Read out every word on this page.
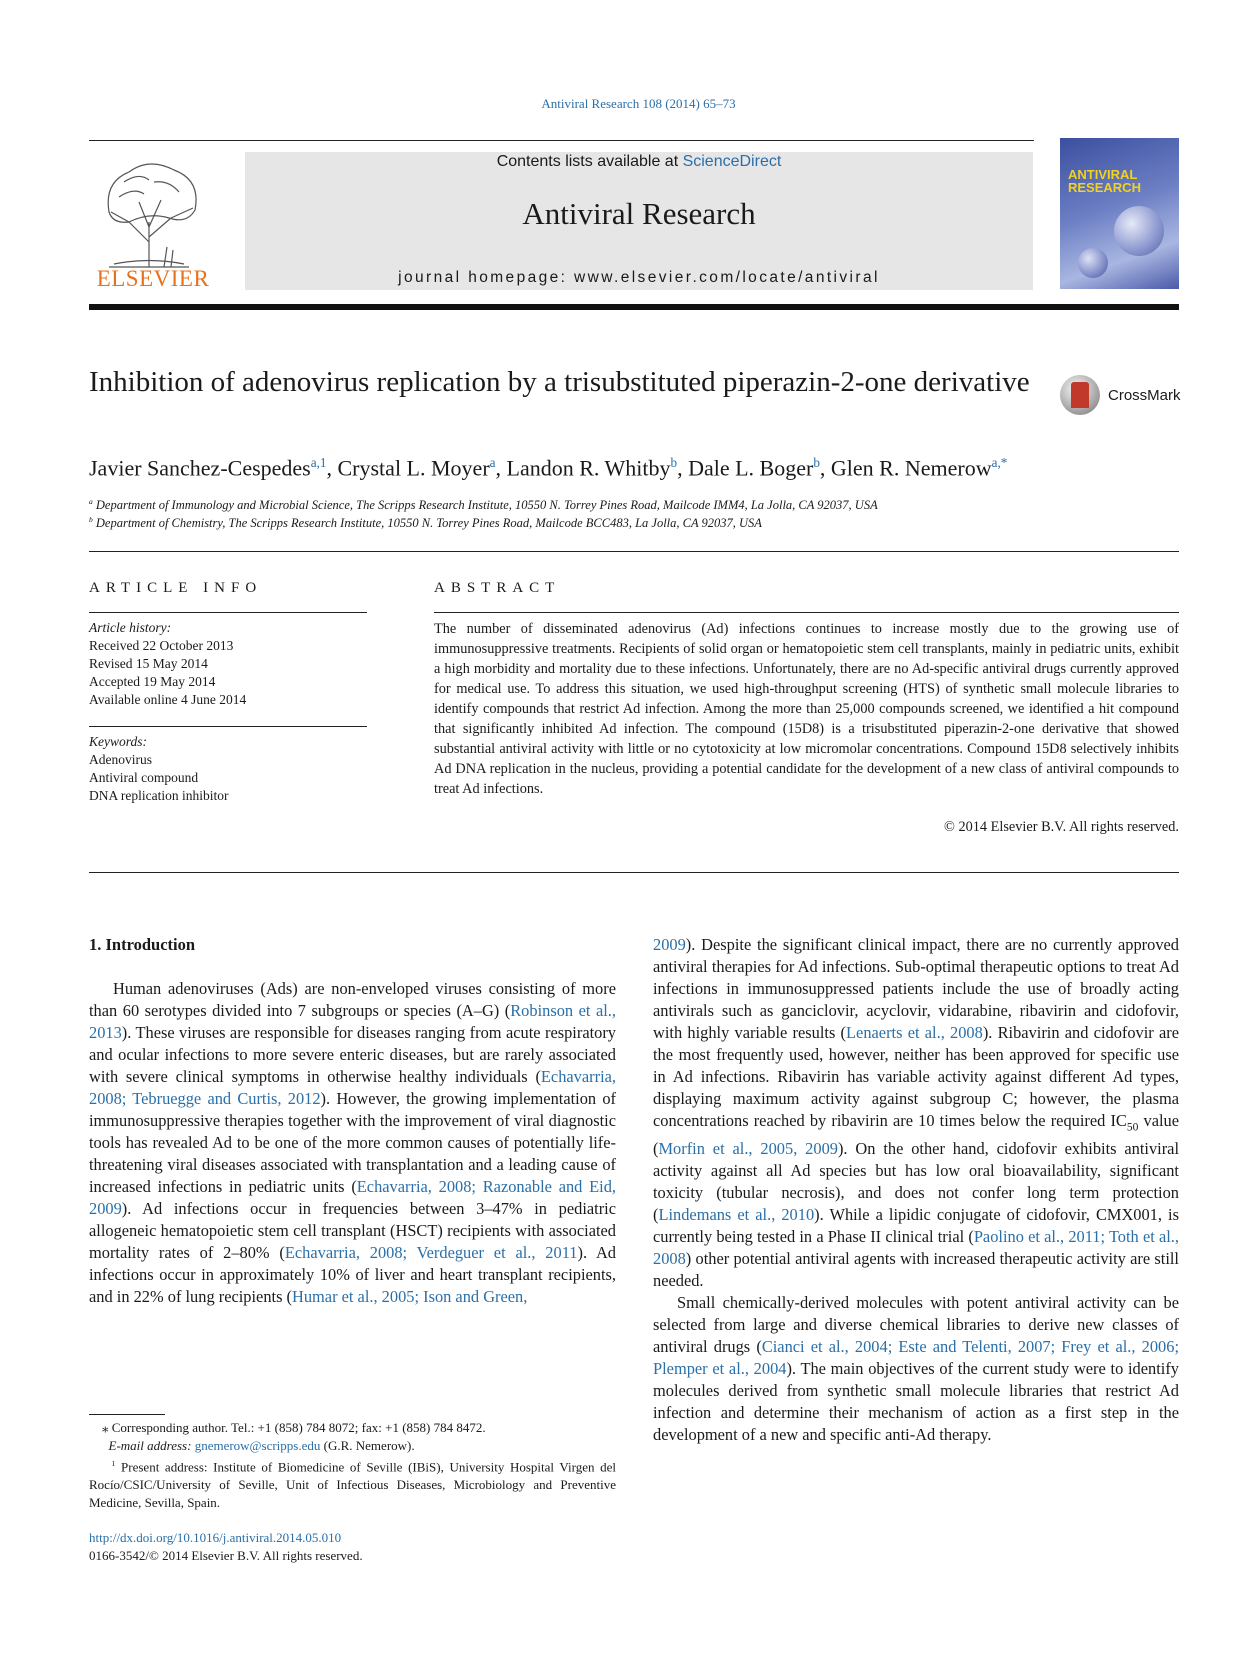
Antiviral Research 108 (2014) 65–73
ELSEVIER
Contents lists available at ScienceDirect
Antiviral Research
journal homepage: www.elsevier.com/locate/antiviral
ANTIVIRAL RESEARCH
Inhibition of adenovirus replication by a trisubstituted piperazin-2-one derivative	CrossMark
Javier Sanchez-Cespedes$^{a,1}$, Crystal L. Moyer$^a$, Landon R. Whitby$^b$, Dale L. Boger$^b$, Glen R. Nemerow$^{a,*}$
$^a$ Department of Immunology and Microbial Science, The Scripps Research Institute, 10550 N. Torrey Pines Road, Mailcode IMM4, La Jolla, CA 92037, USA
$^b$ Department of Chemistry, The Scripps Research Institute, 10550 N. Torrey Pines Road, Mailcode BCC483, La Jolla, CA 92037, USA
ARTICLE INFO	ABSTRACT
Article history:
Received 22 October 2013
Revised 15 May 2014
Accepted 19 May 2014
Available online 4 June 2014
Keywords:
Adenovirus
Antiviral compound
DNA replication inhibitor
The number of disseminated adenovirus (Ad) infections continues to increase mostly due to the growing use of immunosuppressive treatments. Recipients of solid organ or hematopoietic stem cell transplants, mainly in pediatric units, exhibit a high morbidity and mortality due to these infections. Unfortunately, there are no Ad-specific antiviral drugs currently approved for medical use. To address this situation, we used high-throughput screening (HTS) of synthetic small molecule libraries to identify compounds that restrict Ad infection. Among the more than 25,000 compounds screened, we identified a hit compound that significantly inhibited Ad infection. The compound (15D8) is a trisubstituted piperazin-2-one derivative that showed substantial antiviral activity with little or no cytotoxicity at low micromolar concentrations. Compound 15D8 selectively inhibits Ad DNA replication in the nucleus, providing a potential candidate for the development of a new class of antiviral compounds to treat Ad infections.
© 2014 Elsevier B.V. All rights reserved.
1. Introduction

Human adenoviruses (Ads) are non-enveloped viruses consisting of more than 60 serotypes divided into 7 subgroups or species (A–G) (Robinson et al., 2013). These viruses are responsible for diseases ranging from acute respiratory and ocular infections to more severe enteric diseases, but are rarely associated with severe clinical symptoms in otherwise healthy individuals (Echavarria, 2008; Tebruegge and Curtis, 2012). However, the growing implementation of immunosuppressive therapies together with the improvement of viral diagnostic tools has revealed Ad to be one of the more common causes of potentially life-threatening viral diseases associated with transplantation and a leading cause of increased infections in pediatric units (Echavarria, 2008; Razonable and Eid, 2009). Ad infections occur in frequencies between 3–47% in pediatric allogeneic hematopoietic stem cell transplant (HSCT) recipients with associated mortality rates of 2–80% (Echavarria, 2008; Verdeguer et al., 2011). Ad infections occur in approximately 10% of liver and heart transplant recipients, and in 22% of lung recipients (Humar et al., 2005; Ison and Green,

2009). Despite the significant clinical impact, there are no currently approved antiviral therapies for Ad infections. Sub-optimal therapeutic options to treat Ad infections in immunosuppressed patients include the use of broadly acting antivirals such as ganciclovir, acyclovir, vidarabine, ribavirin and cidofovir, with highly variable results (Lenaerts et al., 2008). Ribavirin and cidofovir are the most frequently used, however, neither has been approved for specific use in Ad infections. Ribavirin has variable activity against different Ad types, displaying maximum activity against subgroup C; however, the plasma concentrations reached by ribavirin are 10 times below the required $IC_{50}$ value (Morfin et al., 2005, 2009). On the other hand, cidofovir exhibits antiviral activity against all Ad species but has low oral bioavailability, significant toxicity (tubular necrosis), and does not confer long term protection (Lindemans et al., 2010). While a lipidic conjugate of cidofovir, CMX001, is currently being tested in a Phase II clinical trial (Paolino et al., 2011; Toth et al., 2008) other potential antiviral agents with increased therapeutic activity are still needed.

Small chemically-derived molecules with potent antiviral activity can be selected from large and diverse chemical libraries to derive new classes of antiviral drugs (Cianci et al., 2004; Este and Telenti, 2007; Frey et al., 2006; Plemper et al., 2004). The main objectives of the current study were to identify molecules derived from synthetic small molecule libraries that restrict Ad infection and determine their mechanism of action as a first step in the development of a new and specific anti-Ad therapy.

⁎ Corresponding author. Tel.: +1 (858) 784 8072; fax: +1 (858) 784 8472.
E-mail address: gnemerow@scripps.edu (G.R. Nemerow).
$^1$ Present address: Institute of Biomedicine of Seville (IBiS), University Hospital Virgen del Rocío/CSIC/University of Seville, Unit of Infectious Diseases, Microbiology and Preventive Medicine, Sevilla, Spain.
http://dx.doi.org/10.1016/j.antiviral.2014.05.010
0166-3542/© 2014 Elsevier B.V. All rights reserved.
